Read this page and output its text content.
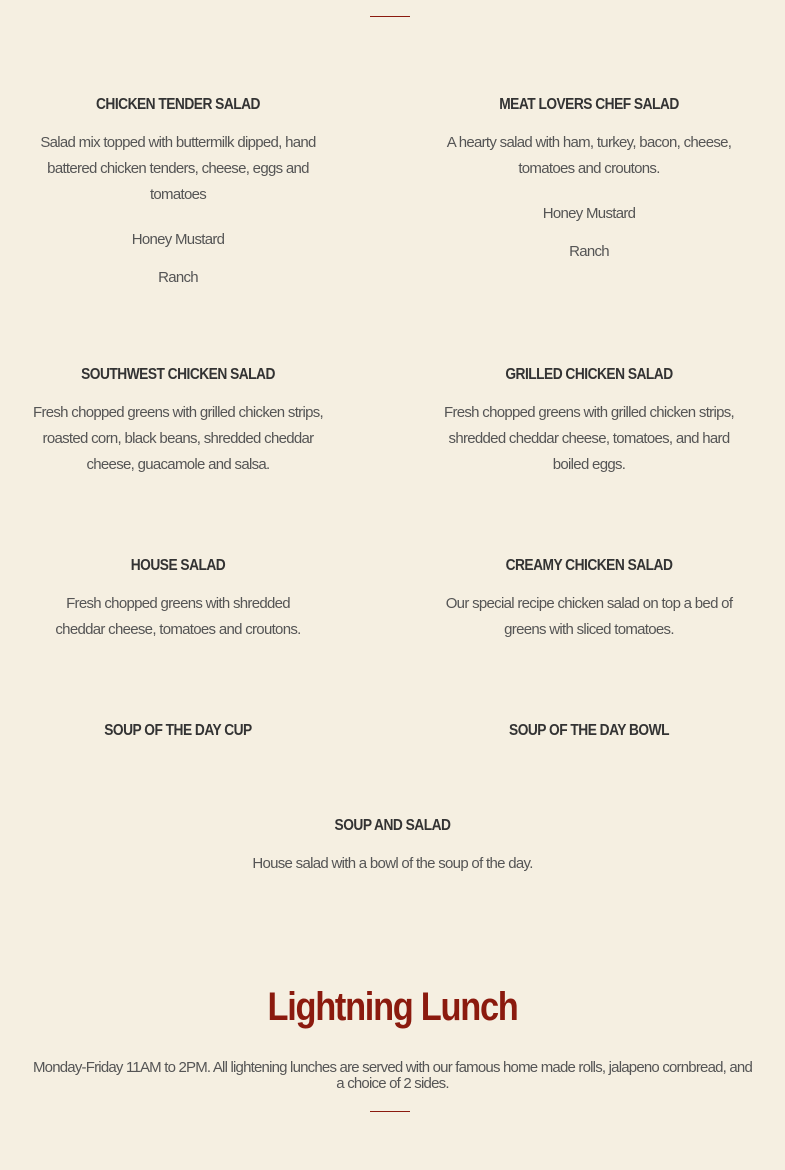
CHICKEN TENDER SALAD
Salad mix topped with buttermilk dipped, hand battered chicken tenders, cheese, eggs and tomatoes
Honey Mustard
Ranch
MEAT LOVERS CHEF SALAD
A hearty salad with ham, turkey, bacon, cheese, tomatoes and croutons.
Honey Mustard
Ranch
SOUTHWEST CHICKEN SALAD
Fresh chopped greens with grilled chicken strips, roasted corn, black beans, shredded cheddar cheese, guacamole and salsa.
GRILLED CHICKEN SALAD
Fresh chopped greens with grilled chicken strips, shredded cheddar cheese, tomatoes, and hard boiled eggs.
HOUSE SALAD
Fresh chopped greens with shredded cheddar cheese, tomatoes and croutons.
CREAMY CHICKEN SALAD
Our special recipe chicken salad on top a bed of greens with sliced tomatoes.
SOUP OF THE DAY CUP	SOUP OF THE DAY BOWL
SOUP AND SALAD
House salad with a bowl of the soup of the day.
Lightning Lunch
Monday-Friday 11AM to 2PM. All lightening lunches are served with our famous home made rolls, jalapeno cornbread, and a choice of 2 sides.
